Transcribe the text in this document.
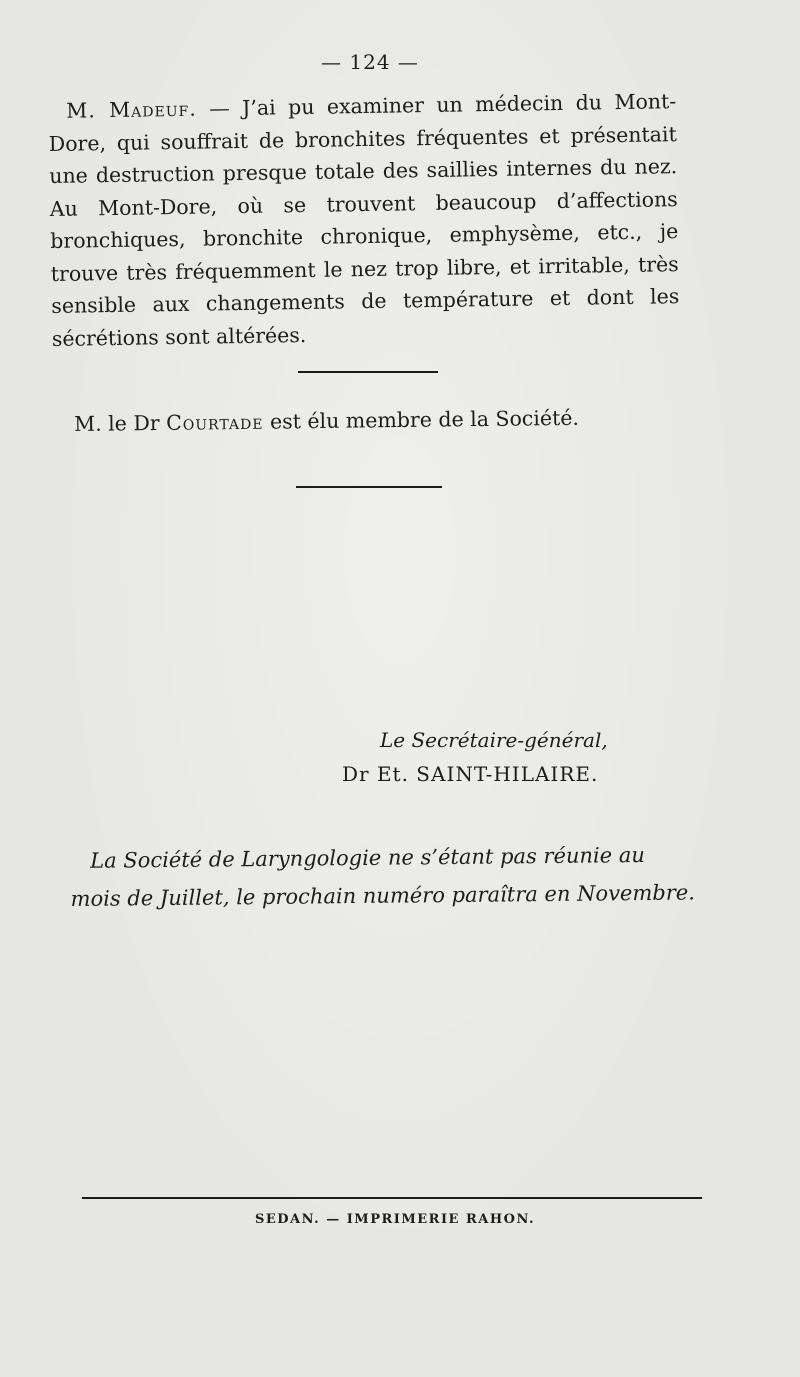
— 124 —
M. Madeuf. — J’ai pu examiner un médecin du Mont-Dore, qui souffrait de bronchites fréquentes et présentait une destruction presque totale des saillies internes du nez. Au Mont-Dore, où se trouvent beaucoup d’affections bronchiques, bronchite chronique, emphysème, etc., je trouve très fréquemment le nez trop libre, et irritable, très sensible aux changements de température et dont les sécrétions sont altérées.
M. le Dr Courtade est élu membre de la Société.
Le Secrétaire-général,
Dr Et. SAINT-HILAIRE.
La Société de Laryngologie ne s’étant pas réunie au mois de Juillet, le prochain numéro paraîtra en Novembre.
SEDAN. — IMPRIMERIE RAHON.
